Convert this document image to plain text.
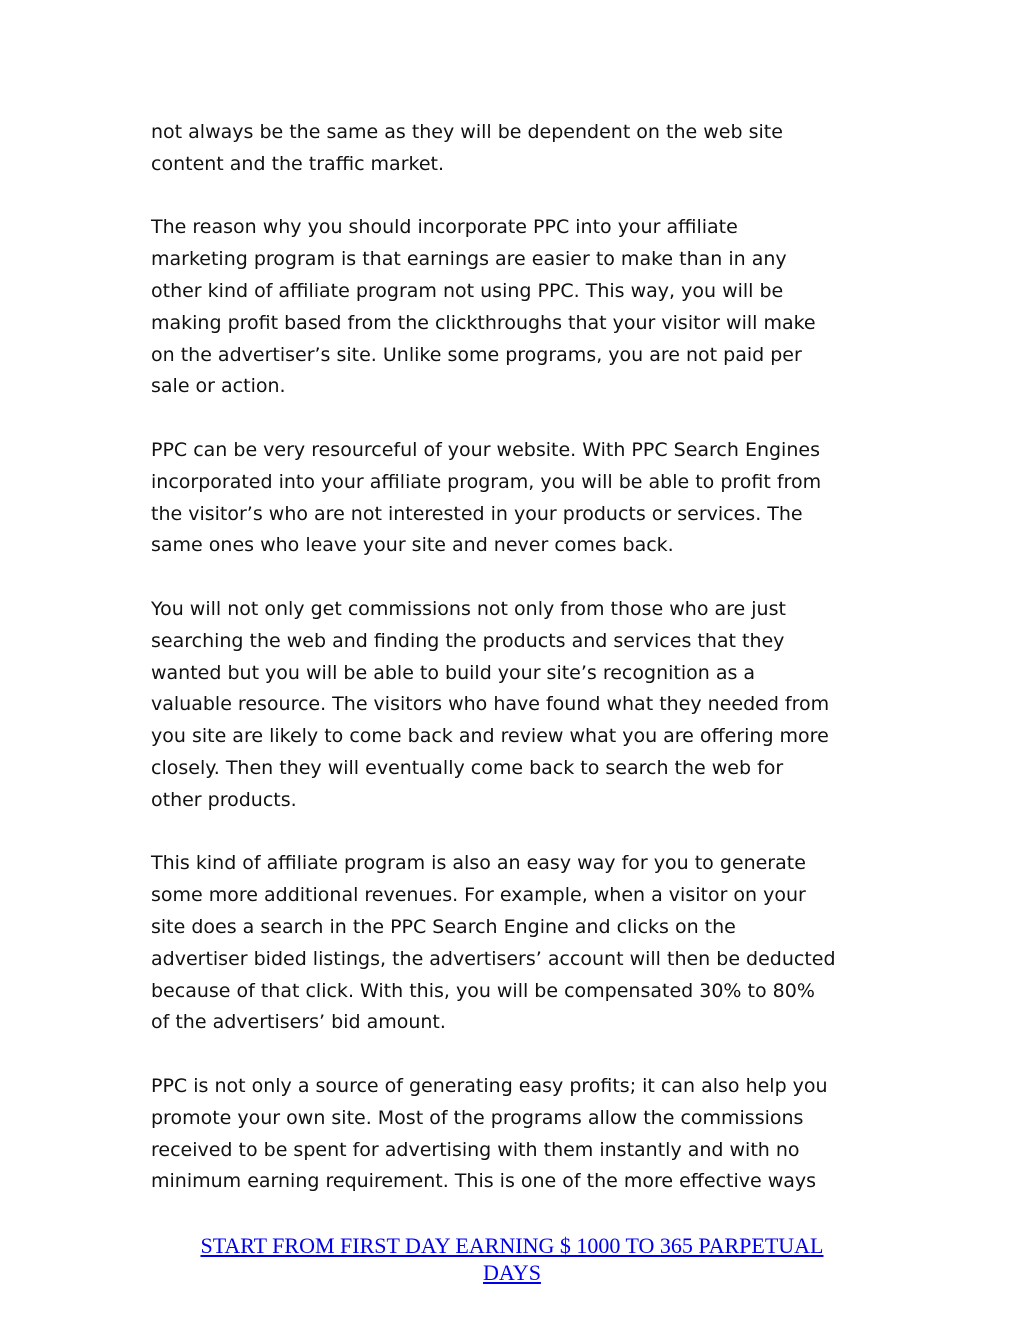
not always be the same as they will be dependent on the web site
content and the traffic market.

The reason why you should incorporate PPC into your affiliate
marketing program is that earnings are easier to make than in any
other kind of affiliate program not using PPC. This way, you will be
making profit based from the clickthroughs that your visitor will make
on the advertiser’s site. Unlike some programs, you are not paid per
sale or action.

PPC can be very resourceful of your website. With PPC Search Engines
incorporated into your affiliate program, you will be able to profit from
the visitor’s who are not interested in your products or services. The
same ones who leave your site and never comes back.

You will not only get commissions not only from those who are just
searching the web and finding the products and services that they
wanted but you will be able to build your site’s recognition as a
valuable resource. The visitors who have found what they needed from
you site are likely to come back and review what you are offering more
closely. Then they will eventually come back to search the web for
other products.

This kind of affiliate program is also an easy way for you to generate
some more additional revenues. For example, when a visitor on your
site does a search in the PPC Search Engine and clicks on the
advertiser bided listings, the advertisers’ account will then be deducted
because of that click. With this, you will be compensated 30% to 80%
of the advertisers’ bid amount.

PPC is not only a source of generating easy profits; it can also help you
promote your own site. Most of the programs allow the commissions
received to be spent for advertising with them instantly and with no
minimum earning requirement. This is one of the more effective ways

START FROM FIRST DAY EARNING $ 1000 TO 365 PARPETUAL
DAYS
